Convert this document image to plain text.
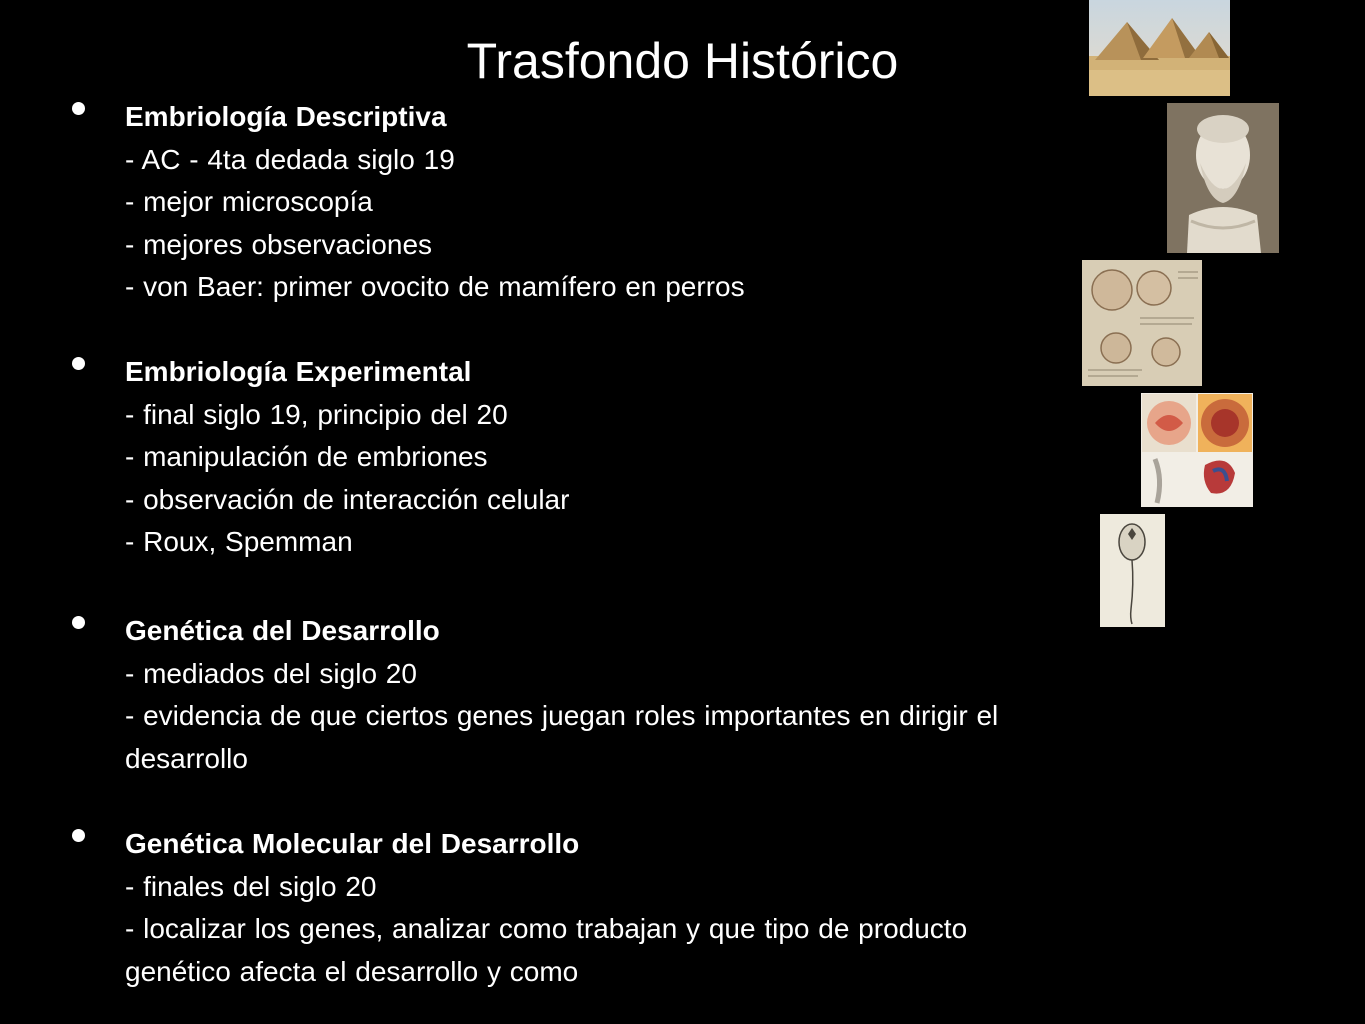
Trasfondo Histórico
Embriología Descriptiva
- AC - 4ta dedada siglo 19
- mejor microscopía
- mejores observaciones
- von Baer: primer ovocito de mamífero en perros
Embriología Experimental
- final siglo 19, principio del 20
- manipulación de embriones
- observación de interacción celular
- Roux, Spemman
Genética del Desarrollo
- mediados del siglo 20
- evidencia de que ciertos genes juegan roles importantes en dirigir el desarrollo
Genética Molecular del Desarrollo
- finales del siglo 20
- localizar los genes, analizar como trabajan y que tipo de producto genético afecta el desarrollo y como
